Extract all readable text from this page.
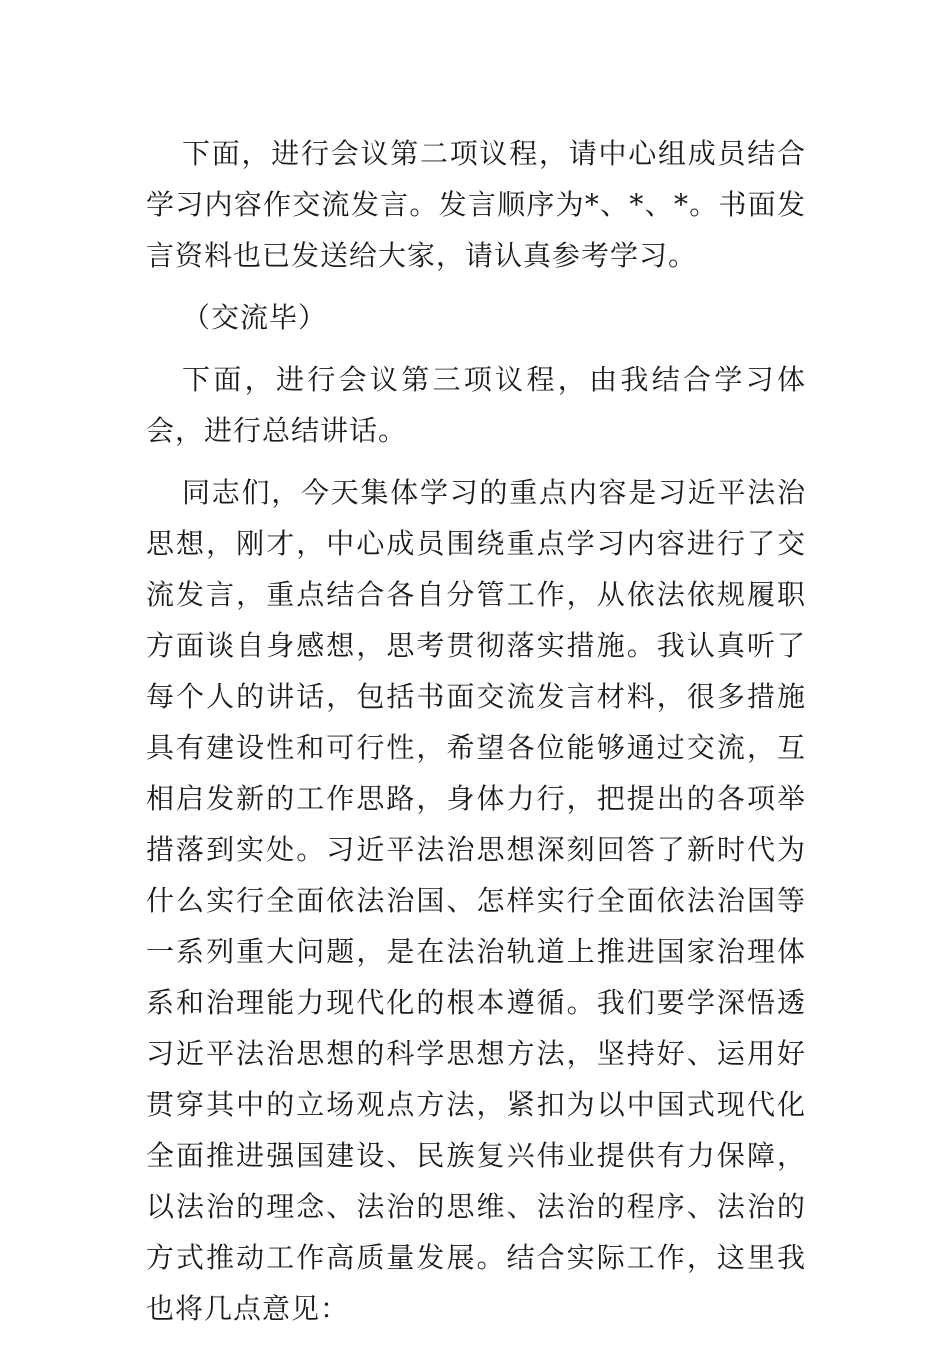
下面，进行会议第二项议程，请中心组成员结合学习内容作交流发言。发言顺序为*、*、*。书面发言资料也已发送给大家，请认真参考学习。

（交流毕）

下面，进行会议第三项议程，由我结合学习体会，进行总结讲话。

同志们，今天集体学习的重点内容是习近平法治思想，刚才，中心成员围绕重点学习内容进行了交流发言，重点结合各自分管工作，从依法依规履职方面谈自身感想，思考贯彻落实措施。我认真听了每个人的讲话，包括书面交流发言材料，很多措施具有建设性和可行性，希望各位能够通过交流，互相启发新的工作思路，身体力行，把提出的各项举措落到实处。习近平法治思想深刻回答了新时代为什么实行全面依法治国、怎样实行全面依法治国等一系列重大问题，是在法治轨道上推进国家治理体系和治理能力现代化的根本遵循。我们要学深悟透习近平法治思想的科学思想方法，坚持好、运用好贯穿其中的立场观点方法，紧扣为以中国式现代化全面推进强国建设、民族复兴伟业提供有力保障，以法治的理念、法治的思维、法治的程序、法治的方式推动工作高质量发展。结合实际工作，这里我也将几点意见：
